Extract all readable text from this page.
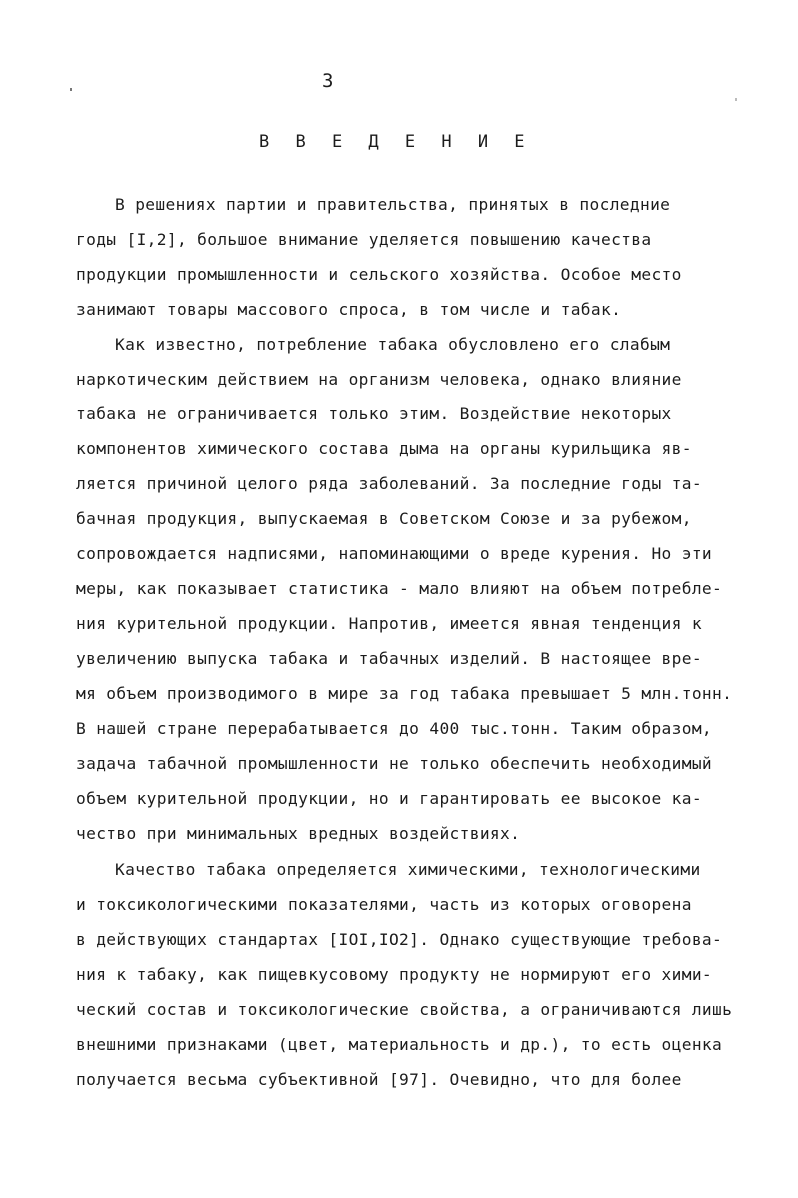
3
В В Е Д Е Н И Е
В решениях партии и правительства, принятых в последние
годы [I,2], большое внимание уделяется повышению качества
продукции промышленности и сельского хозяйства. Особое место
занимают товары массового спроса, в том числе и табак.
Как известно, потребление табака обусловлено его слабым
наркотическим действием на организм человека, однако влияние
табака не ограничивается только этим. Воздействие некоторых
компонентов химического состава дыма на органы курильщика яв-
ляется причиной целого ряда заболеваний. За последние годы та-
бачная продукция, выпускаемая в Советском Союзе и за рубежом,
сопровождается надписями, напоминающими о вреде курения. Но эти
меры, как показывает статистика - мало влияют на объем потребле-
ния курительной продукции. Напротив, имеется явная тенденция к
увеличению выпуска табака и табачных изделий. В настоящее вре-
мя объем производимого в мире за год табака превышает 5 млн.тонн.
В нашей стране перерабатывается до 400 тыс.тонн. Таким образом,
задача табачной промышленности не только обеспечить необходимый
объем курительной продукции, но и гарантировать ее высокое ка-
чество при минимальных вредных воздействиях.
Качество табака определяется химическими, технологическими
и токсикологическими показателями, часть из которых оговорена
в действующих стандартах [IOI,IO2]. Однако существующие требова-
ния к табаку, как пищевкусовому продукту не нормируют его хими-
ческий состав и токсикологические свойства, а ограничиваются лишь
внешними признаками (цвет, материальность и др.), то есть оценка
получается весьма субъективной [97]. Очевидно, что для более
